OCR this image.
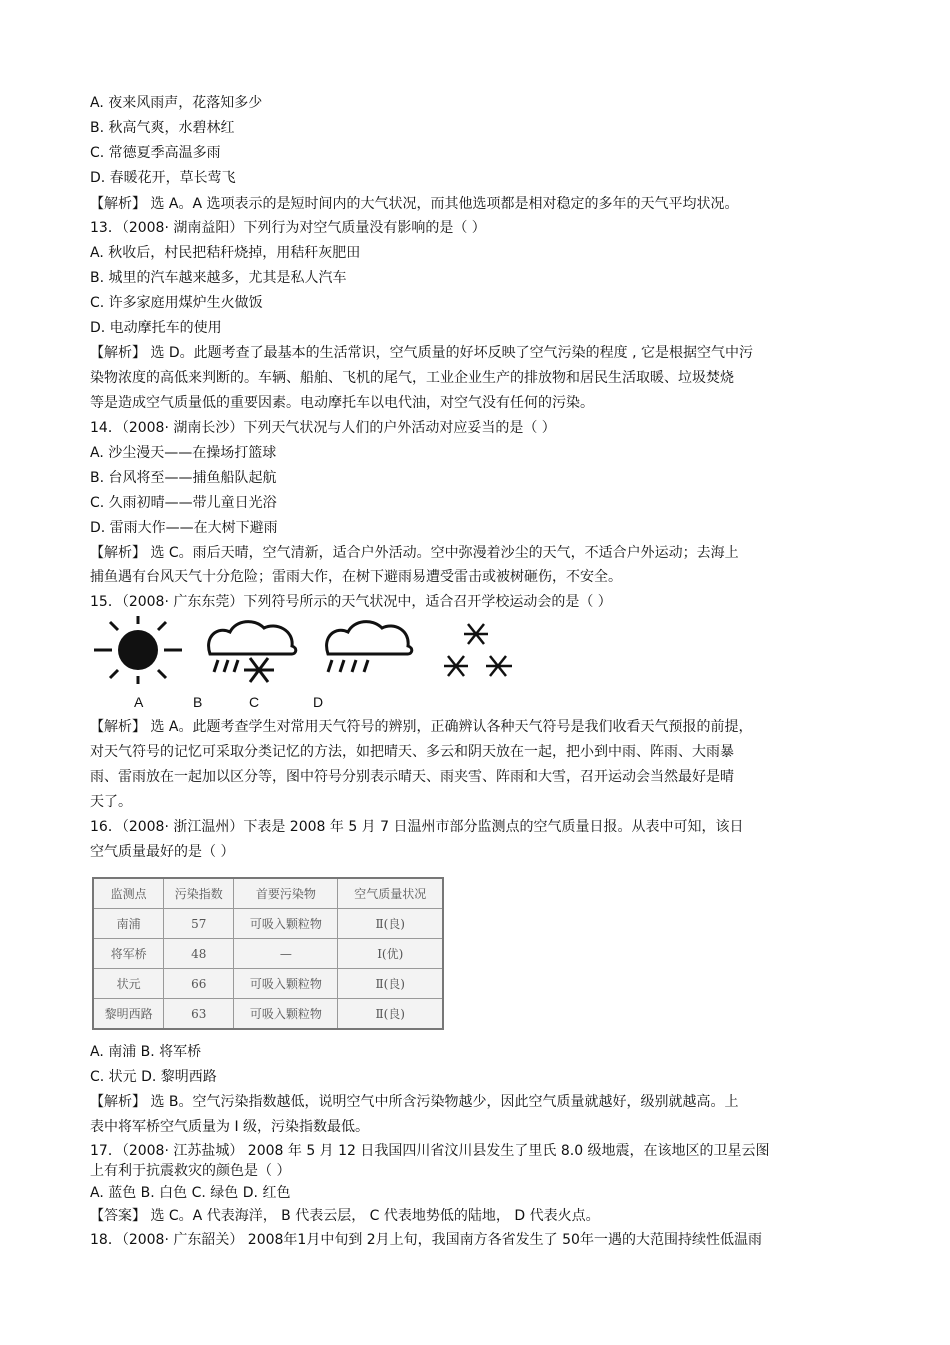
A. 夜来风雨声，花落知多少
B. 秋高气爽，水碧林红
C. 常德夏季高温多雨
D. 春暖花开，草长莺飞
【解析】 选 A。A 选项表示的是短时间内的大气状况，而其他选项都是相对稳定的多年的天气平均状况。
13．（2008· 湖南益阳）下列行为对空气质量没有影响的是（ ）
A. 秋收后，村民把秸秆烧掉，用秸秆灰肥田
B. 城里的汽车越来越多，尤其是私人汽车
C. 许多家庭用煤炉生火做饭
D. 电动摩托车的使用
【解析】 选 D。此题考查了最基本的生活常识，空气质量的好坏反映了空气污染的程度 , 它是根据空气中污
染物浓度的高低来判断的。车辆、船舶、飞机的尾气，工业企业生产的排放物和居民生活取暖、垃圾焚烧
等是造成空气质量低的重要因素。电动摩托车以电代油，对空气没有任何的污染。
14．（2008· 湖南长沙）下列天气状况与人们的户外活动对应妥当的是（ ）
A. 沙尘漫天——在操场打篮球
B. 台风将至——捕鱼船队起航
C. 久雨初晴——带儿童日光浴
D. 雷雨大作——在大树下避雨
【解析】 选 C。雨后天晴，空气清新，适合户外活动。空中弥漫着沙尘的天气，不适合户外运动；去海上
捕鱼遇有台风天气十分危险；雷雨大作，在树下避雨易遭受雷击或被树砸伤，不安全。
15．（2008· 广东东莞）下列符号所示的天气状况中，适合召开学校运动会的是（ ）
A	B	C	D
【解析】 选 A。此题考查学生对常用天气符号的辨别，正确辨认各种天气符号是我们收看天气预报的前提，
对天气符号的记忆可采取分类记忆的方法，如把晴天、多云和阴天放在一起，把小到中雨、阵雨、大雨暴
雨、雷雨放在一起加以区分等，图中符号分别表示晴天、雨夹雪、阵雨和大雪，召开运动会当然最好是晴
天了。
16．（2008· 浙江温州）下表是 2008 年 5 月 7 日温州市部分监测点的空气质量日报。从表中可知，该日
空气质量最好的是（ ）
监测点	污染指数	首要污染物	空气质量状况
南浦	57	可吸入颗粒物	Ⅱ(良)
将军桥	48	—	Ⅰ(优)
状元	66	可吸入颗粒物	Ⅱ(良)
黎明西路	63	可吸入颗粒物	Ⅱ(良)
A. 南浦 B. 将军桥
C. 状元 D. 黎明西路
【解析】 选 B。空气污染指数越低，说明空气中所含污染物越少，因此空气质量就越好，级别就越高。上
表中将军桥空气质量为 I 级，污染指数最低。
17．（2008· 江苏盐城） 2008 年 5 月 12 日我国四川省汶川县发生了里氏 8.0 级地震，在该地区的卫星云图
上有利于抗震救灾的颜色是（ ）
A. 蓝色 B. 白色 C. 绿色 D. 红色
【答案】 选 C。A 代表海洋， B 代表云层， C 代表地势低的陆地， D 代表火点。
18．（2008· 广东韶关） 2008年1月中旬到 2月上旬，我国南方各省发生了 50年一遇的大范围持续性低温雨
